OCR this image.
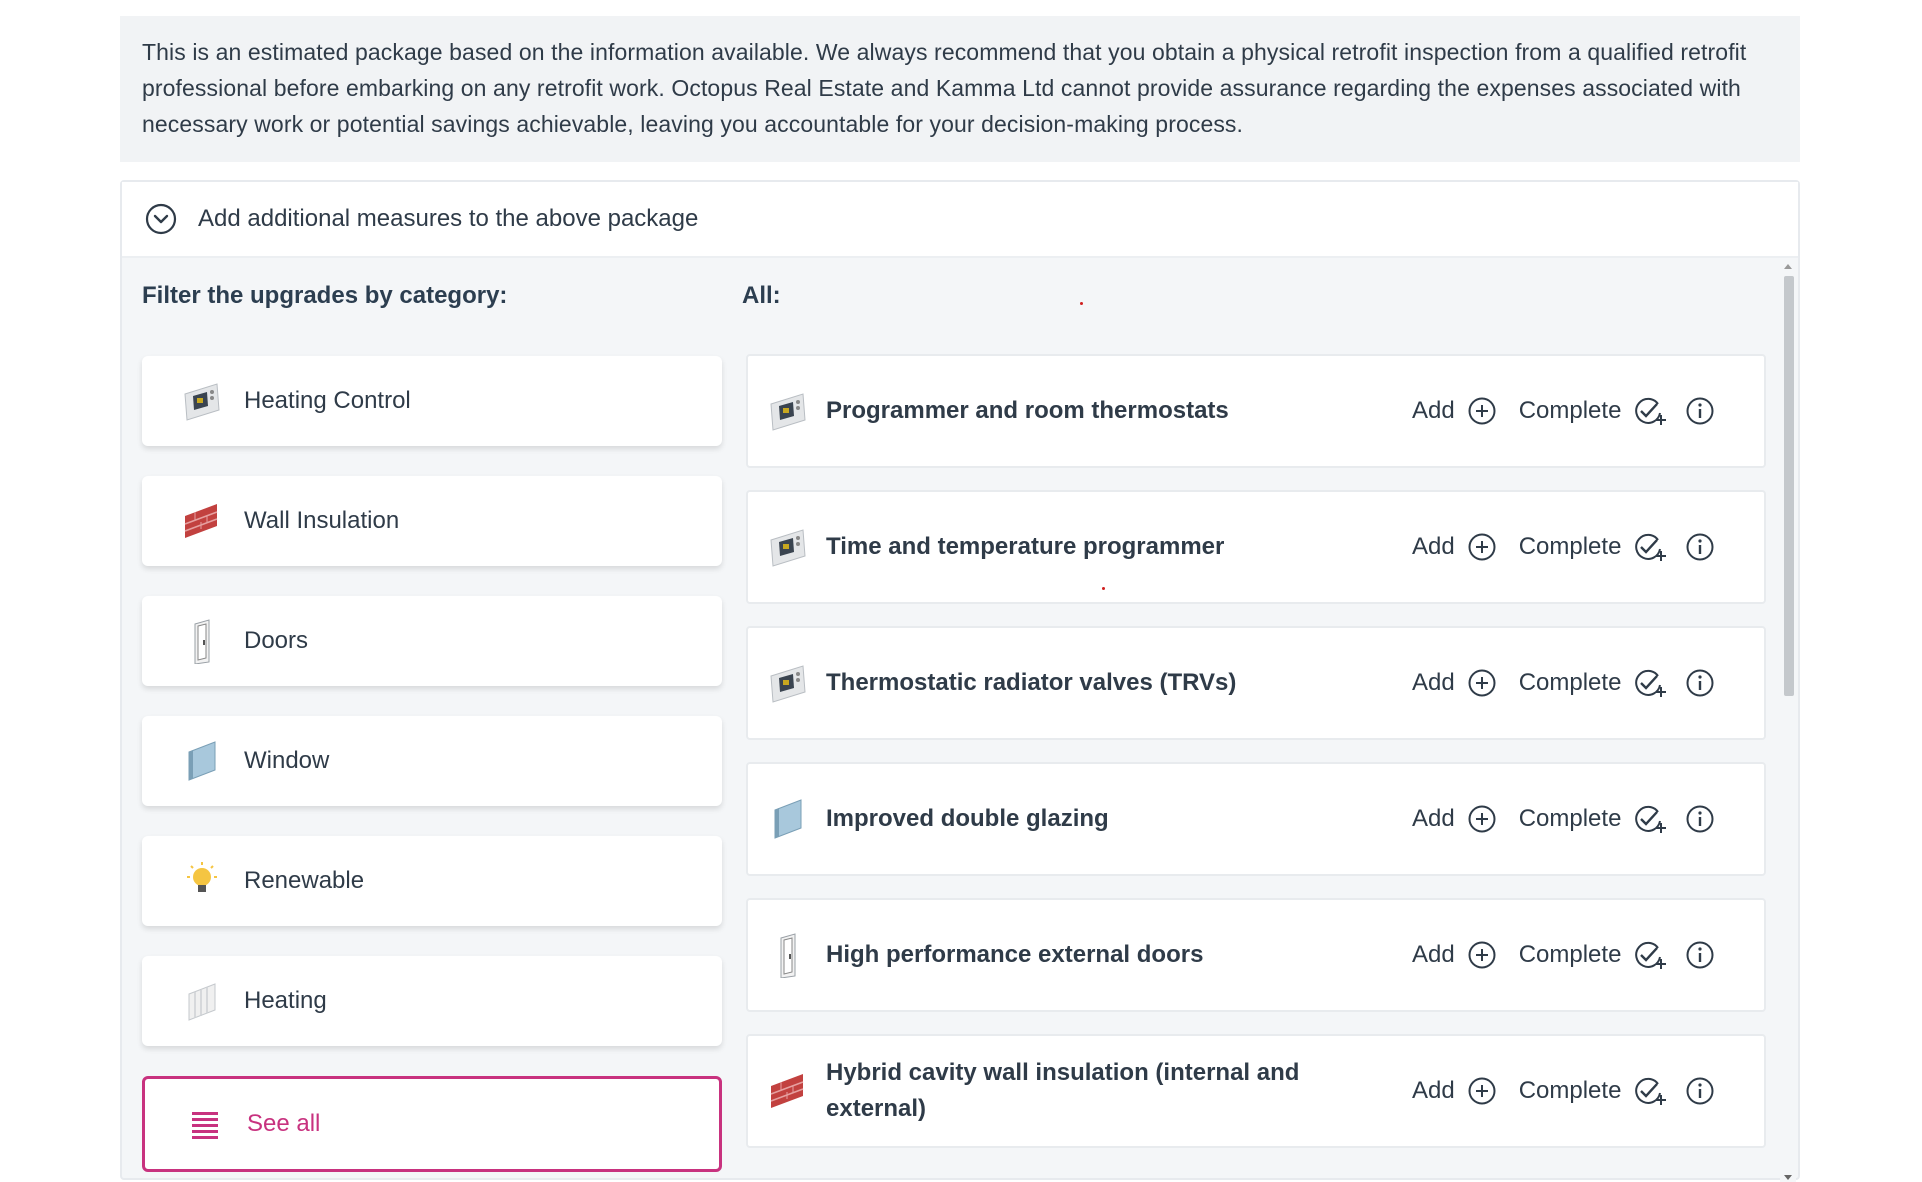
This is an estimated package based on the information available. We always recommend that you obtain a physical retrofit inspection from a qualified retrofit professional before embarking on any retrofit work. Octopus Real Estate and Kamma Ltd cannot provide assurance regarding the expenses associated with necessary work or potential savings achievable, leaving you accountable for your decision-making process.
Add additional measures to the above package
Filter the upgrades by category:	All:
Heating Control
Wall Insulation
Doors
Window
Renewable
Heating
See all
Programmer and room thermostats	Add	Complete
Time and temperature programmer	Add	Complete
Thermostatic radiator valves (TRVs)	Add	Complete
Improved double glazing	Add	Complete
High performance external doors	Add	Complete
Hybrid cavity wall insulation (internal and external)
Add	Complete
